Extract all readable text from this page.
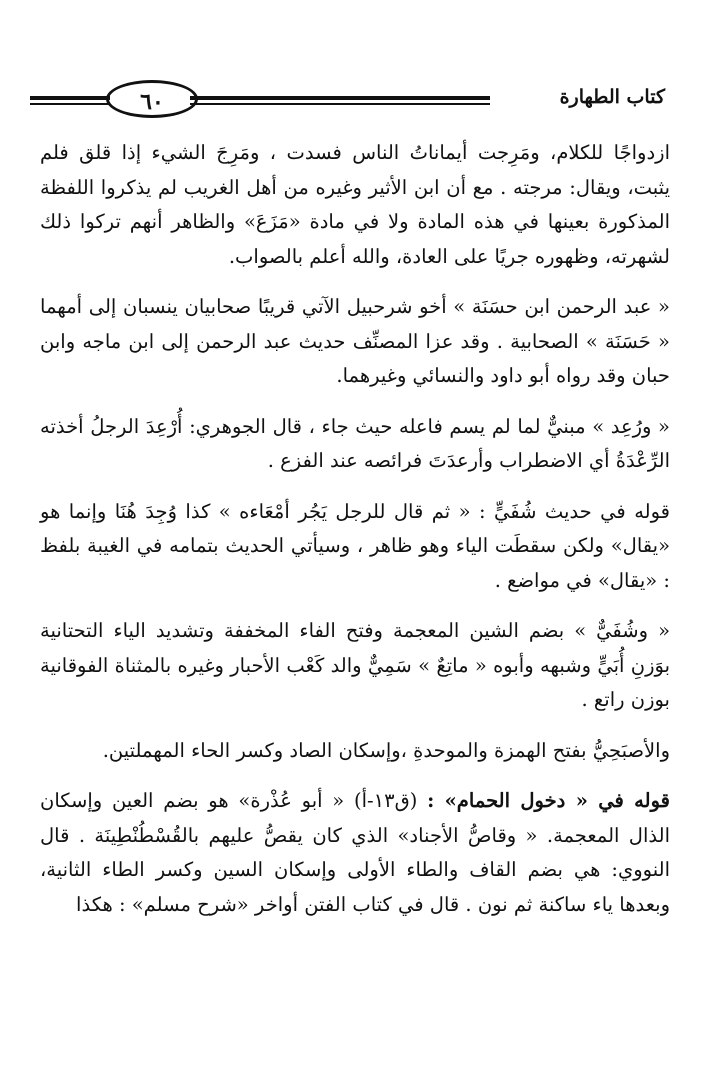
٦٠	كتاب الطهارة

ازدواجًا للكلام، ومَرِجت أيماناتُ الناس فسدت ، ومَرِجَ الشيء إذا قلق فلم يثبت، ويقال: مرجته . مع أن ابن الأثير وغيره من أهل الغريب لم يذكروا اللفظة المذكورة بعينها في هذه المادة ولا في مادة «مَزَعَ» والظاهر أنهم تركوا ذلك لشهرته، وظهوره جريًا على العادة، والله أعلم بالصواب.

« عبد الرحمن ابن حسَنَة » أخو شرحبيل الآتي قريبًا صحابيان ينسبان إلى أمهما « حَسَنَة » الصحابية . وقد عزا المصنِّف حديث عبد الرحمن إلى ابن ماجه وابن حبان وقد رواه أبو داود والنسائي وغيرهما.

« ورُعِد » مبنيٌّ لما لم يسم فاعله حيث جاء ، قال الجوهري: أُرْعِدَ الرجلُ أخذته الرِّعْدَةُ أي الاضطراب وأرعدَتَ فرائصه عند الفزع .

قوله في حديث شُفَيٍّ : « ثم قال للرجل يَجُر أمْعَاءه » كذا وُجِدَ هُنَا وإنما هو «يقال» ولكن سقطَت الياء وهو ظاهر ، وسيأتي الحديث بتمامه في الغيبة بلفظ : «يقال» في مواضع .

« وشُفَيٌّ » بضم الشين المعجمة وفتح الفاء المخففة وتشديد الياء التحتانية بوَزنِ أُبَيٍّ وشبهه وأبوه « ماتِعٌ » سَمِيٌّ والد كَعْب الأحبار وغيره بالمثناة الفوقانية بوزن راتع .

والأصبَحِيُّ بفتح الهمزة والموحدةِ ،وإسكان الصاد وكسر الحاء المهملتين.

قوله في « دخول الحمام» : (ق١٣-أ) « أبو عُذْرة» هو بضم العين وإسكان الذال المعجمة. « وقاصُّ الأجناد» الذي كان يقصُّ عليهم بالقُسْطُنْطِينَة . قال النووي: هي بضم القاف والطاء الأولى وإسكان السين وكسر الطاء الثانية، وبعدها ياء ساكنة ثم نون . قال في كتاب الفتن أواخر «شرح مسلم» : هكذا
